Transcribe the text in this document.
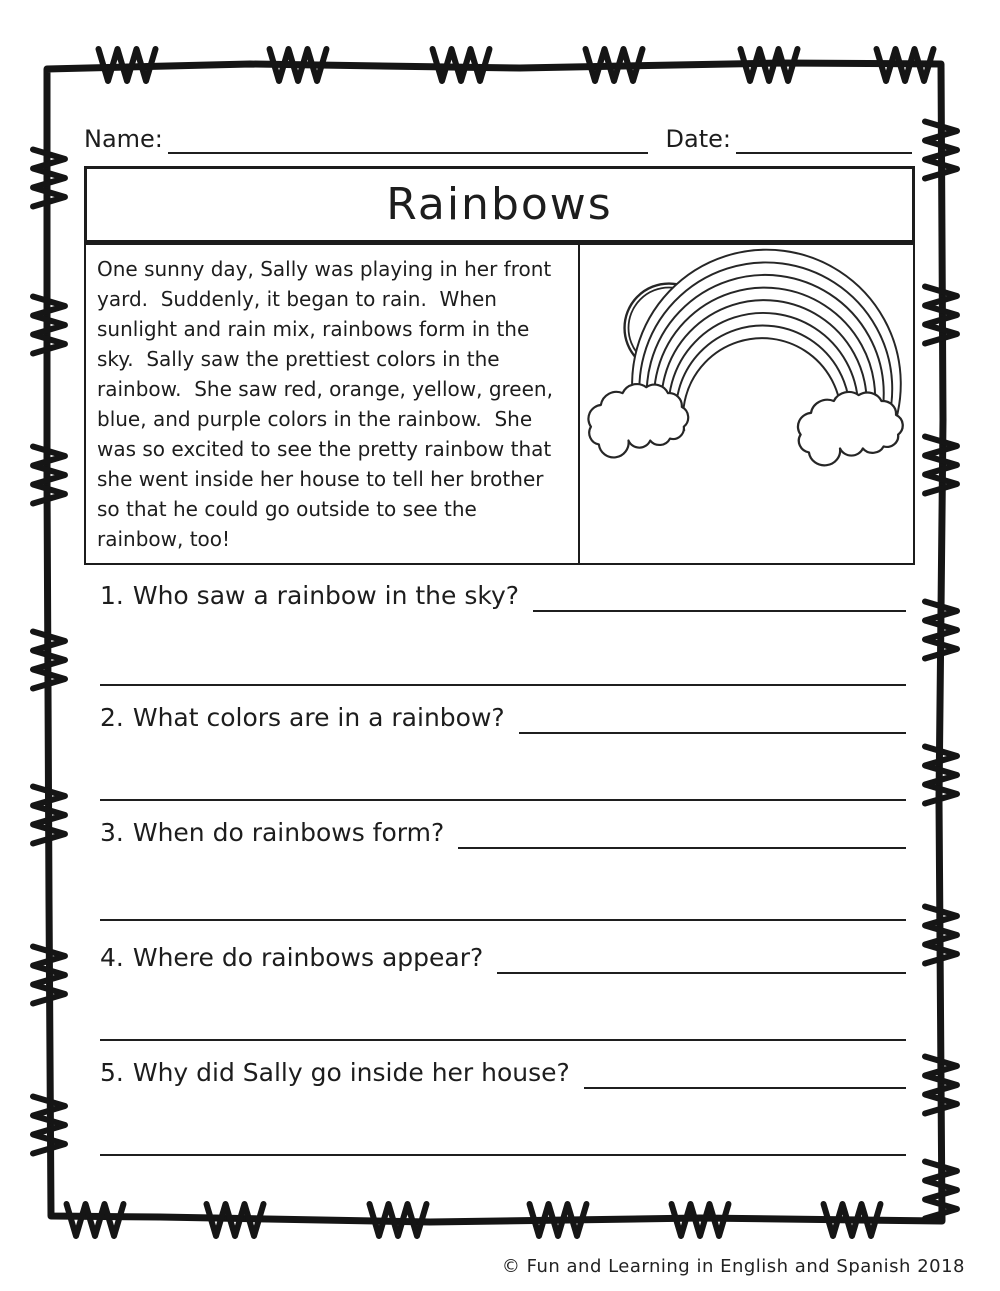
Name:	Date:
Rainbows
One sunny day, Sally was playing in her front yard.  Suddenly, it began to rain.  When sunlight and rain mix, rainbows form in the sky.  Sally saw the prettiest colors in the rainbow.  She saw red, orange, yellow, green, blue, and purple colors in the rainbow.  She was so excited to see the pretty rainbow that she went inside her house to tell her brother so that he could go outside to see the rainbow, too!
1. Who saw a rainbow in the sky?
2. What colors are in a rainbow?
3. When do rainbows form?
4. Where do rainbows appear?
5. Why did Sally go inside her house?
© Fun and Learning in English and Spanish 2018
